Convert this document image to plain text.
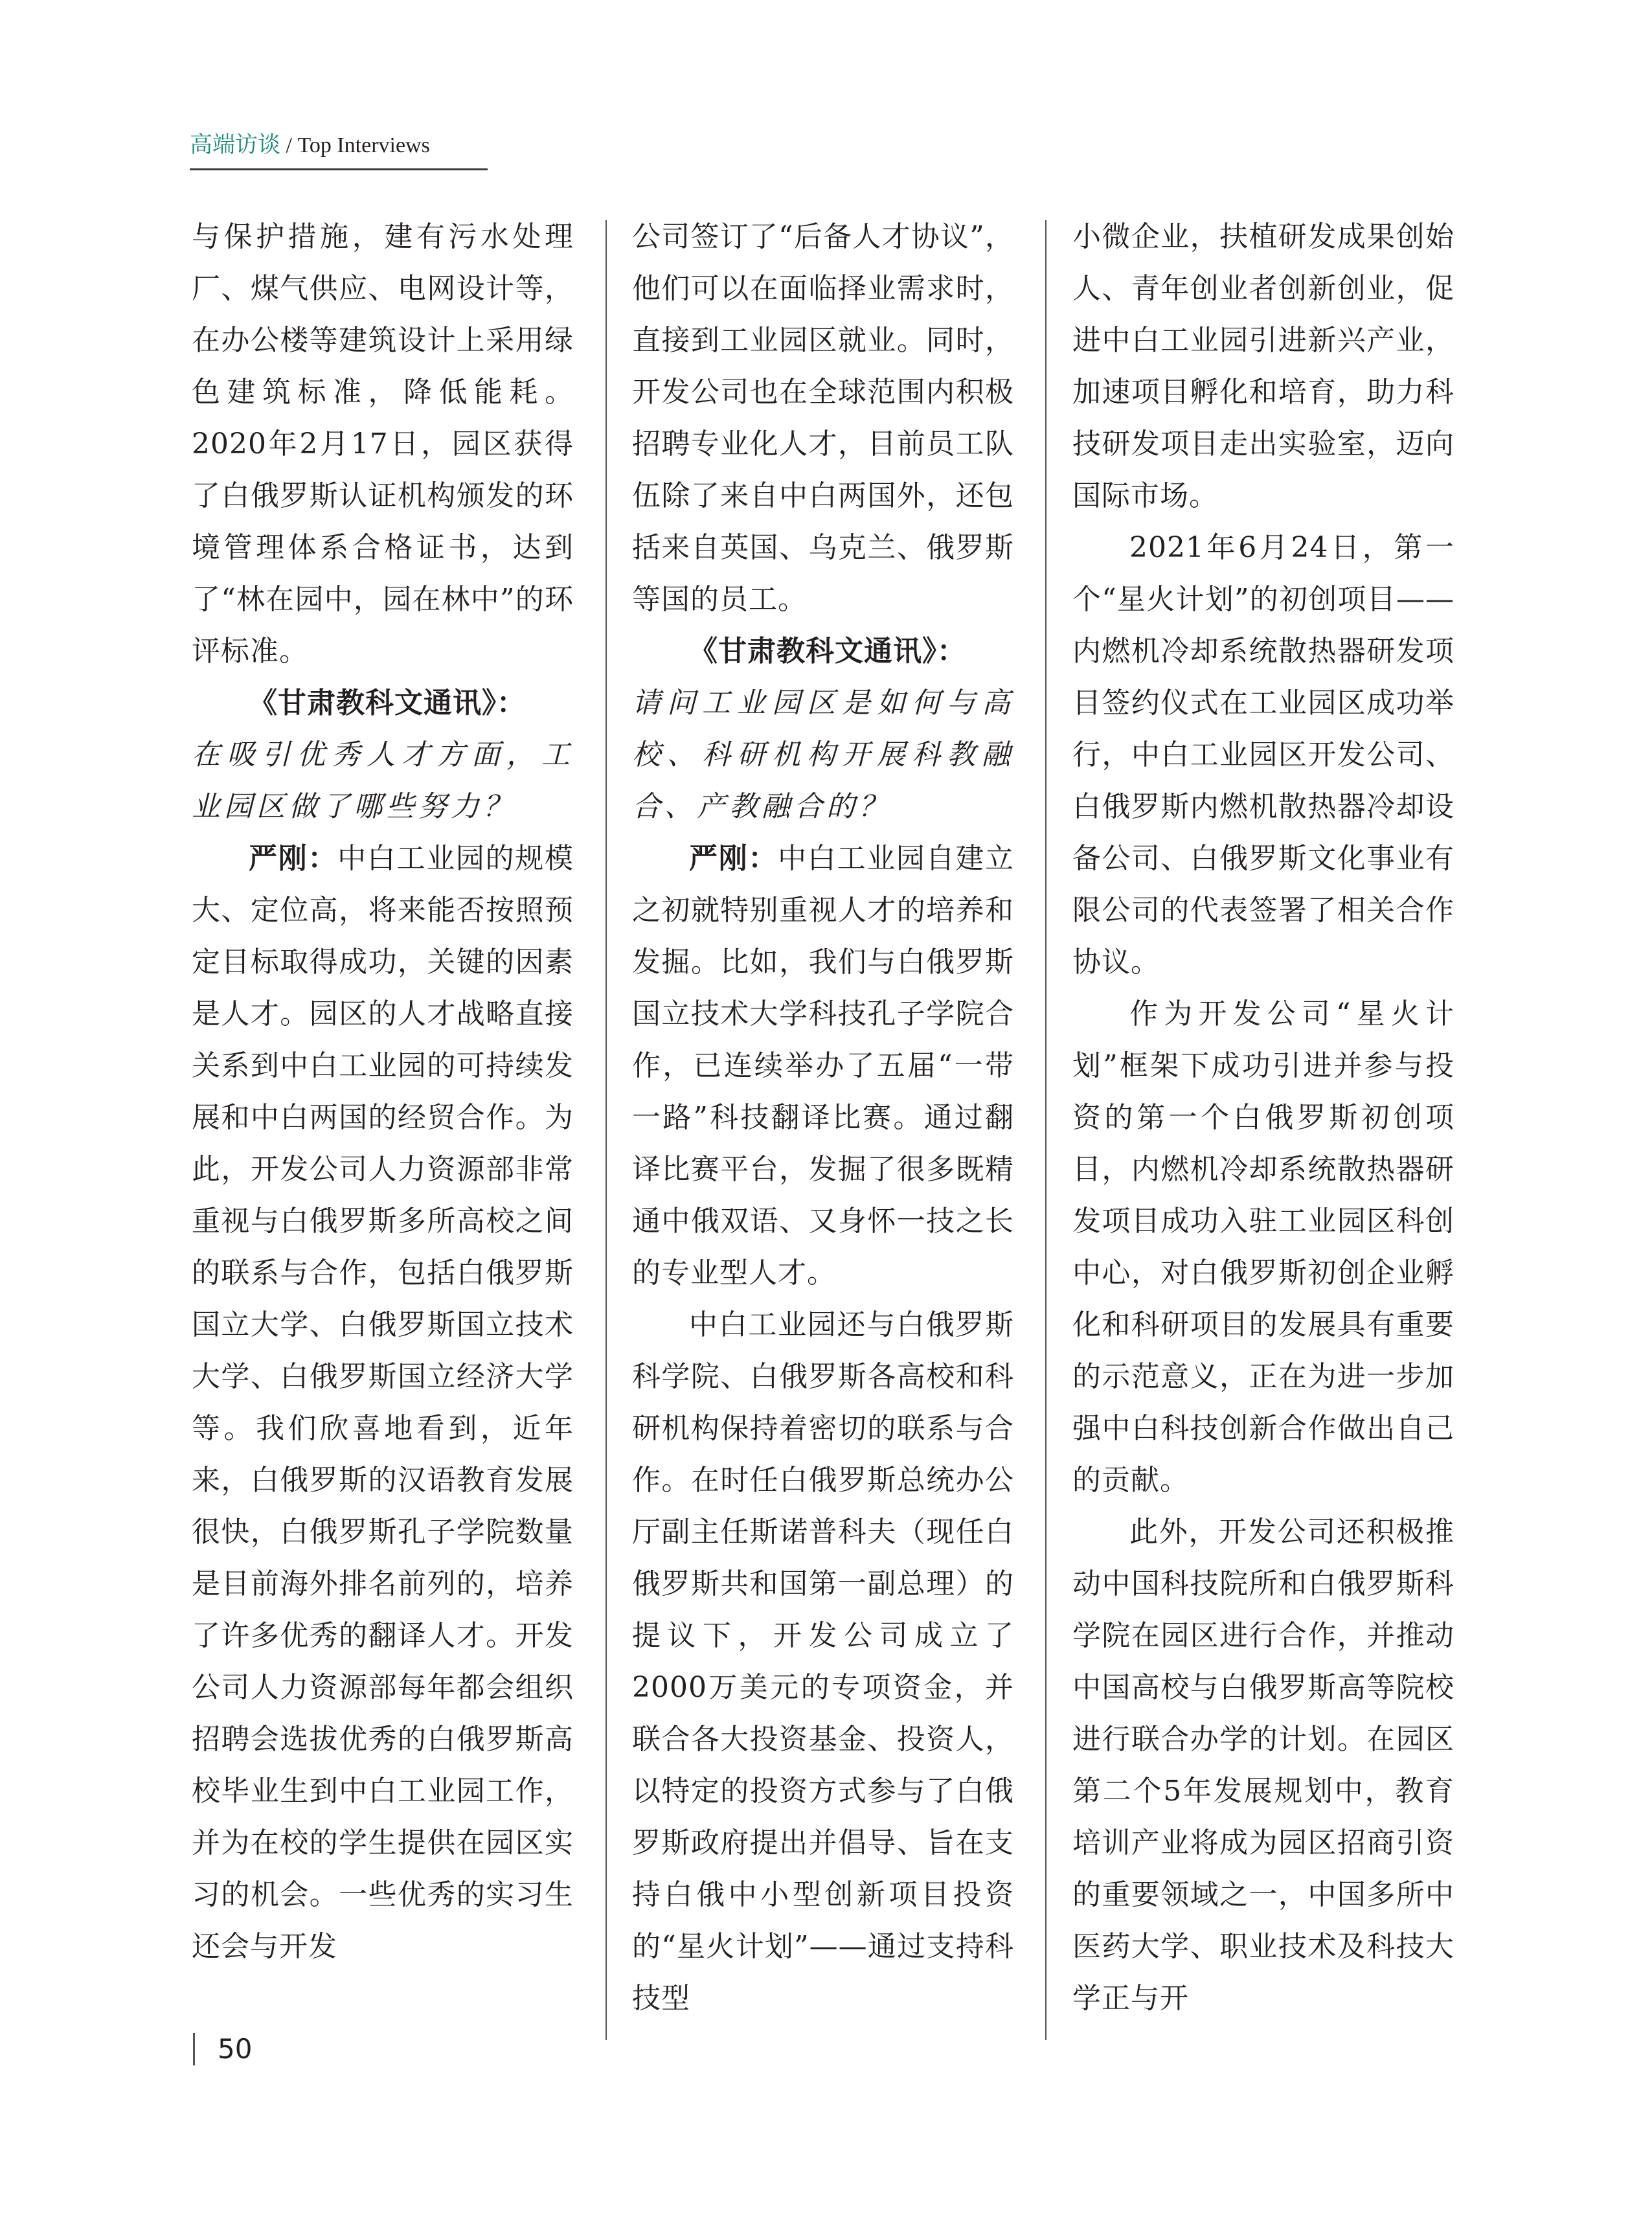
高端访谈 / Top Interviews

与保护措施，建有污水处理厂、煤气供应、电网设计等，在办公楼等建筑设计上采用绿色建筑标准，降低能耗。2020年2月17日，园区获得了白俄罗斯认证机构颁发的环境管理体系合格证书，达到了“林在园中，园在林中”的环评标准。

《甘肃教科文通讯》：

在吸引优秀人才方面，工业园区做了哪些努力？

严刚：中白工业园的规模大、定位高，将来能否按照预定目标取得成功，关键的因素是人才。园区的人才战略直接关系到中白工业园的可持续发展和中白两国的经贸合作。为此，开发公司人力资源部非常重视与白俄罗斯多所高校之间的联系与合作，包括白俄罗斯国立大学、白俄罗斯国立技术大学、白俄罗斯国立经济大学等。我们欣喜地看到，近年来，白俄罗斯的汉语教育发展很快，白俄罗斯孔子学院数量是目前海外排名前列的，培养了许多优秀的翻译人才。开发公司人力资源部每年都会组织招聘会选拔优秀的白俄罗斯高校毕业生到中白工业园工作，并为在校的学生提供在园区实习的机会。一些优秀的实习生还会与开发

公司签订了“后备人才协议”，他们可以在面临择业需求时，直接到工业园区就业。同时，开发公司也在全球范围内积极招聘专业化人才，目前员工队伍除了来自中白两国外，还包括来自英国、乌克兰、俄罗斯等国的员工。

《甘肃教科文通讯》：

请问工业园区是如何与高校、科研机构开展科教融合、产教融合的？

严刚：中白工业园自建立之初就特别重视人才的培养和发掘。比如，我们与白俄罗斯国立技术大学科技孔子学院合作，已连续举办了五届“一带一路”科技翻译比赛。通过翻译比赛平台，发掘了很多既精通中俄双语、又身怀一技之长的专业型人才。

中白工业园还与白俄罗斯科学院、白俄罗斯各高校和科研机构保持着密切的联系与合作。在时任白俄罗斯总统办公厅副主任斯诺普科夫（现任白俄罗斯共和国第一副总理）的提议下，开发公司成立了2000万美元的专项资金，并联合各大投资基金、投资人，以特定的投资方式参与了白俄罗斯政府提出并倡导、旨在支持白俄中小型创新项目投资的“星火计划”——通过支持科技型

小微企业，扶植研发成果创始人、青年创业者创新创业，促进中白工业园引进新兴产业，加速项目孵化和培育，助力科技研发项目走出实验室，迈向国际市场。

2021年6月24日，第一个“星火计划”的初创项目——内燃机冷却系统散热器研发项目签约仪式在工业园区成功举行，中白工业园区开发公司、白俄罗斯内燃机散热器冷却设备公司、白俄罗斯文化事业有限公司的代表签署了相关合作协议。

作为开发公司“星火计划”框架下成功引进并参与投资的第一个白俄罗斯初创项目，内燃机冷却系统散热器研发项目成功入驻工业园区科创中心，对白俄罗斯初创企业孵化和科研项目的发展具有重要的示范意义，正在为进一步加强中白科技创新合作做出自己的贡献。

此外，开发公司还积极推动中国科技院所和白俄罗斯科学院在园区进行合作，并推动中国高校与白俄罗斯高等院校进行联合办学的计划。在园区第二个5年发展规划中，教育培训产业将成为园区招商引资的重要领域之一，中国多所中医药大学、职业技术及科技大学正与开

50
